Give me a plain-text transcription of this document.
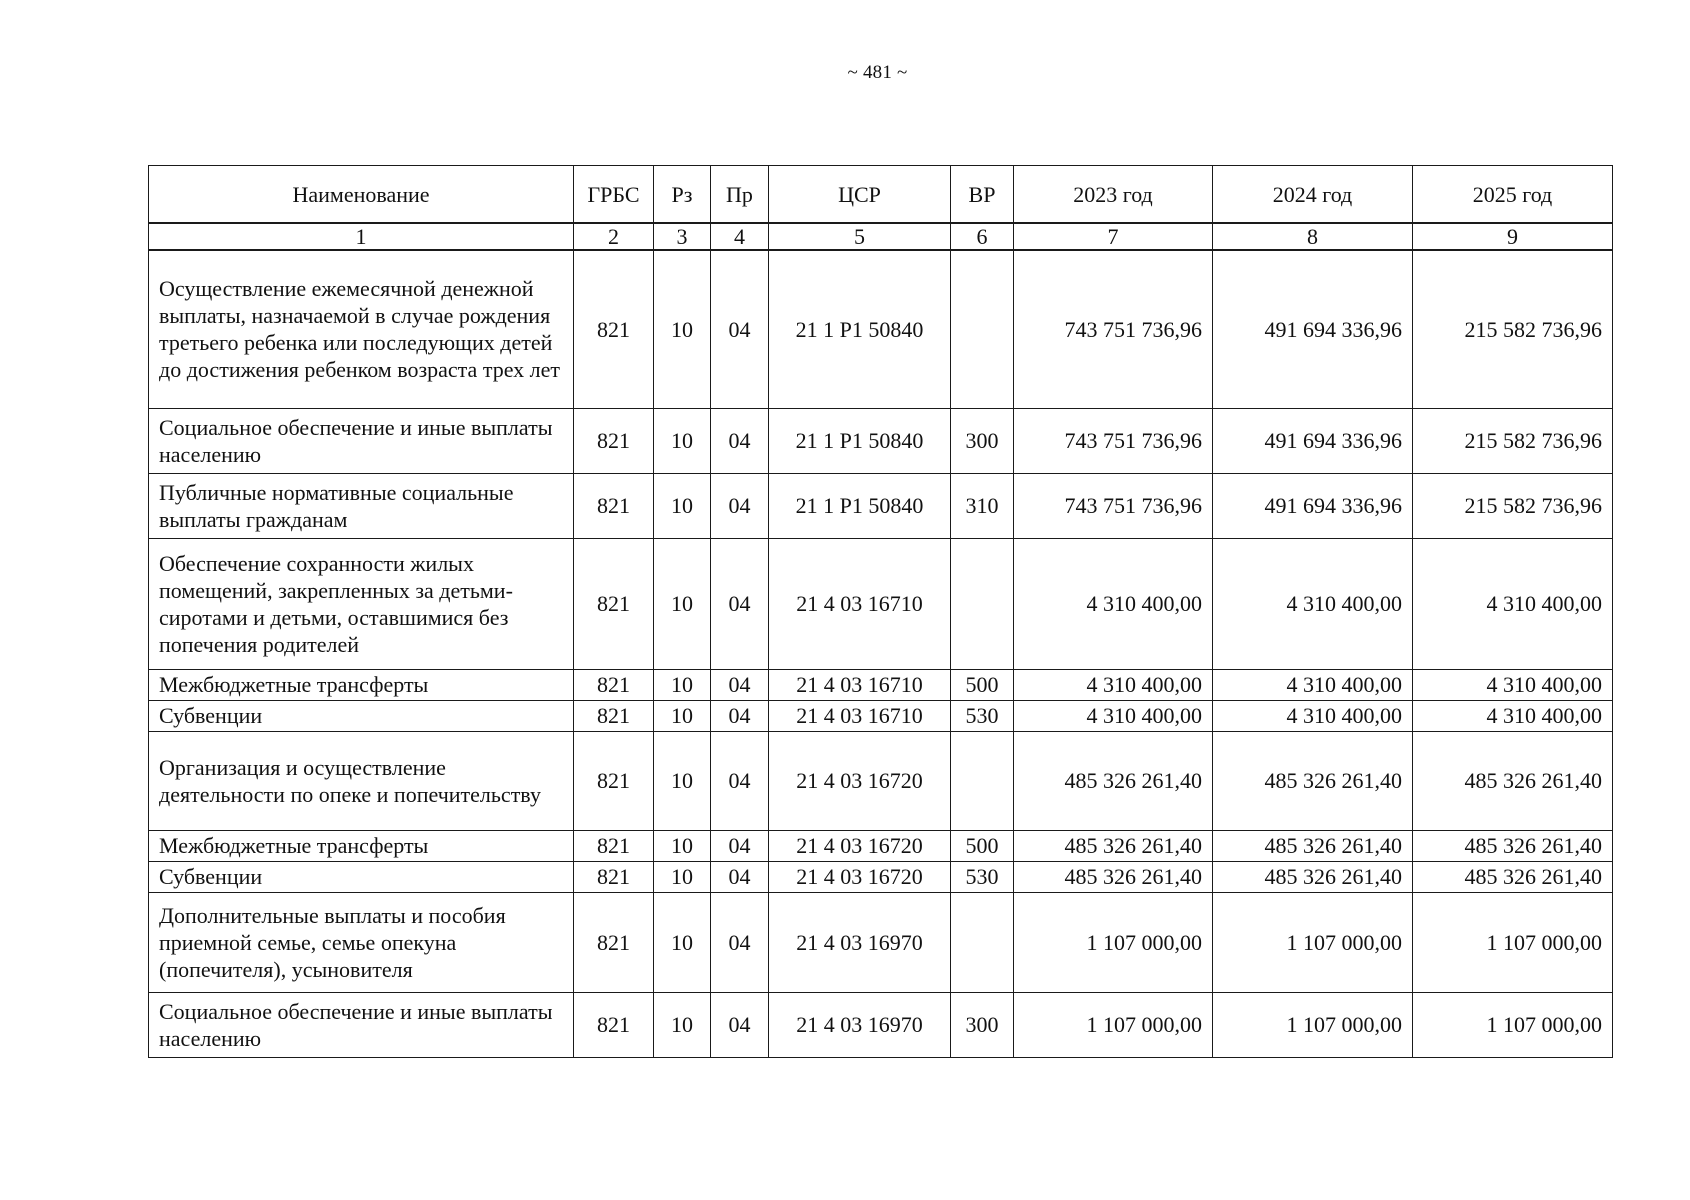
~ 481 ~
Наименование	ГРБС	Рз	Пр	ЦСР	ВР	2023 год	2024 год	2025 год
1	2	3	4	5	6	7	8	9
Осуществление ежемесячной денежной выплаты, назначаемой в случае рождения третьего ребенка или последующих детей до достижения ребенком возраста трех лет	821	10	04	21 1 P1 50840		743 751 736,96	491 694 336,96	215 582 736,96
Социальное обеспечение и иные выплаты населению	821	10	04	21 1 P1 50840	300	743 751 736,96	491 694 336,96	215 582 736,96
Публичные нормативные социальные выплаты гражданам	821	10	04	21 1 P1 50840	310	743 751 736,96	491 694 336,96	215 582 736,96
Обеспечение сохранности жилых помещений, закрепленных за детьми-сиротами и детьми, оставшимися без попечения родителей	821	10	04	21 4 03 16710		4 310 400,00	4 310 400,00	4 310 400,00
Межбюджетные трансферты	821	10	04	21 4 03 16710	500	4 310 400,00	4 310 400,00	4 310 400,00
Субвенции	821	10	04	21 4 03 16710	530	4 310 400,00	4 310 400,00	4 310 400,00
Организация и осуществление деятельности по опеке и попечительству	821	10	04	21 4 03 16720		485 326 261,40	485 326 261,40	485 326 261,40
Межбюджетные трансферты	821	10	04	21 4 03 16720	500	485 326 261,40	485 326 261,40	485 326 261,40
Субвенции	821	10	04	21 4 03 16720	530	485 326 261,40	485 326 261,40	485 326 261,40
Дополнительные выплаты и пособия приемной семье, семье опекуна (попечителя), усыновителя	821	10	04	21 4 03 16970		1 107 000,00	1 107 000,00	1 107 000,00
Социальное обеспечение и иные выплаты населению	821	10	04	21 4 03 16970	300	1 107 000,00	1 107 000,00	1 107 000,00
